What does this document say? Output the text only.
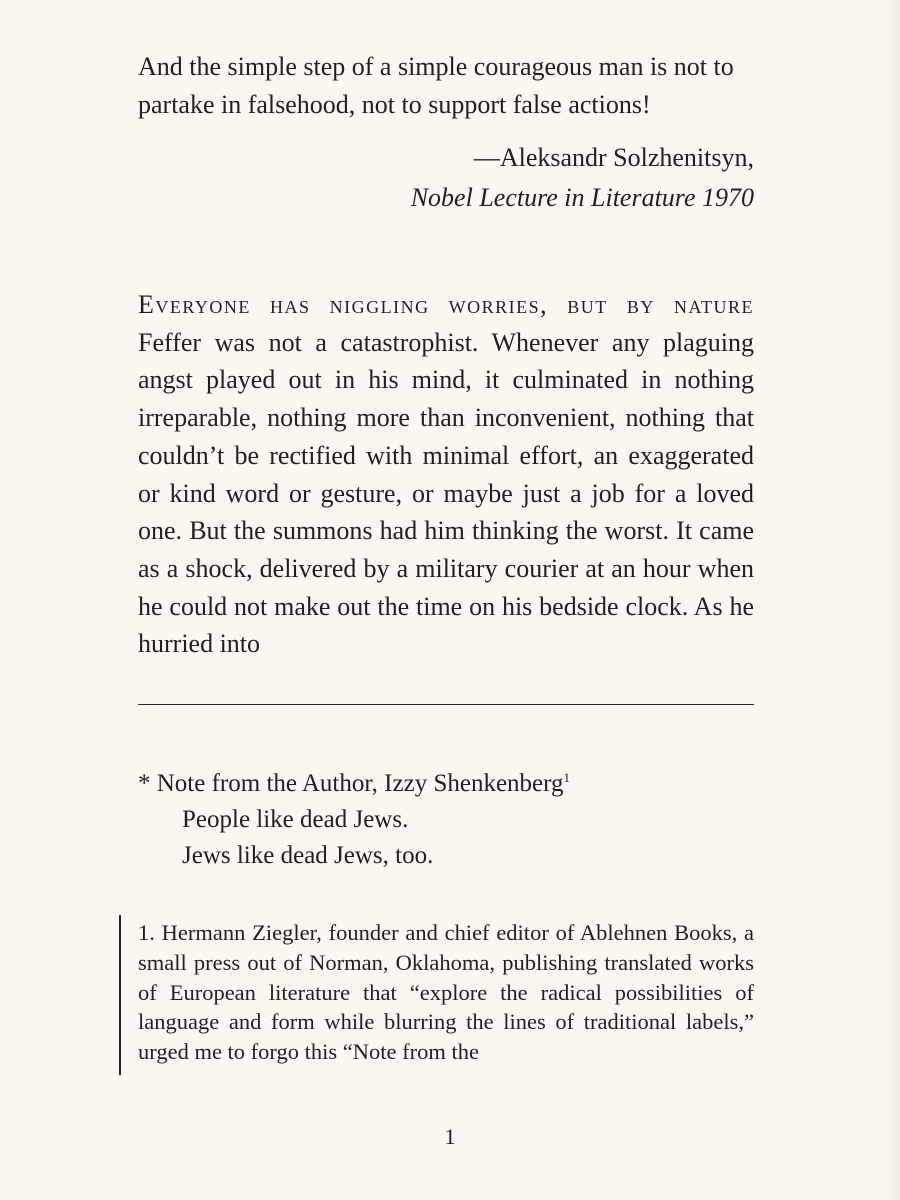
And the simple step of a simple courageous man is not to partake in falsehood, not to support false actions!

—Aleksandr Solzhenitsyn,
Nobel Lecture in Literature 1970
Everyone has niggling worries, but by nature Feffer was not a catastrophist. Whenever any plaguing angst played out in his mind, it culminated in nothing irreparable, nothing more than inconvenient, nothing that couldn’t be rectified with minimal effort, an exaggerated or kind word or gesture, or maybe just a job for a loved one. But the summons had him thinking the worst. It came as a shock, delivered by a military courier at an hour when he could not make out the time on his bedside clock. As he hurried into
* Note from the Author, Izzy Shenkenberg$^1$
People like dead Jews.
Jews like dead Jews, too.
1. Hermann Ziegler, founder and chief editor of Ablehnen Books, a small press out of Norman, Oklahoma, publishing translated works of European literature that “explore the radical possibilities of language and form while blurring the lines of traditional labels,” urged me to forgo this “Note from the
1
